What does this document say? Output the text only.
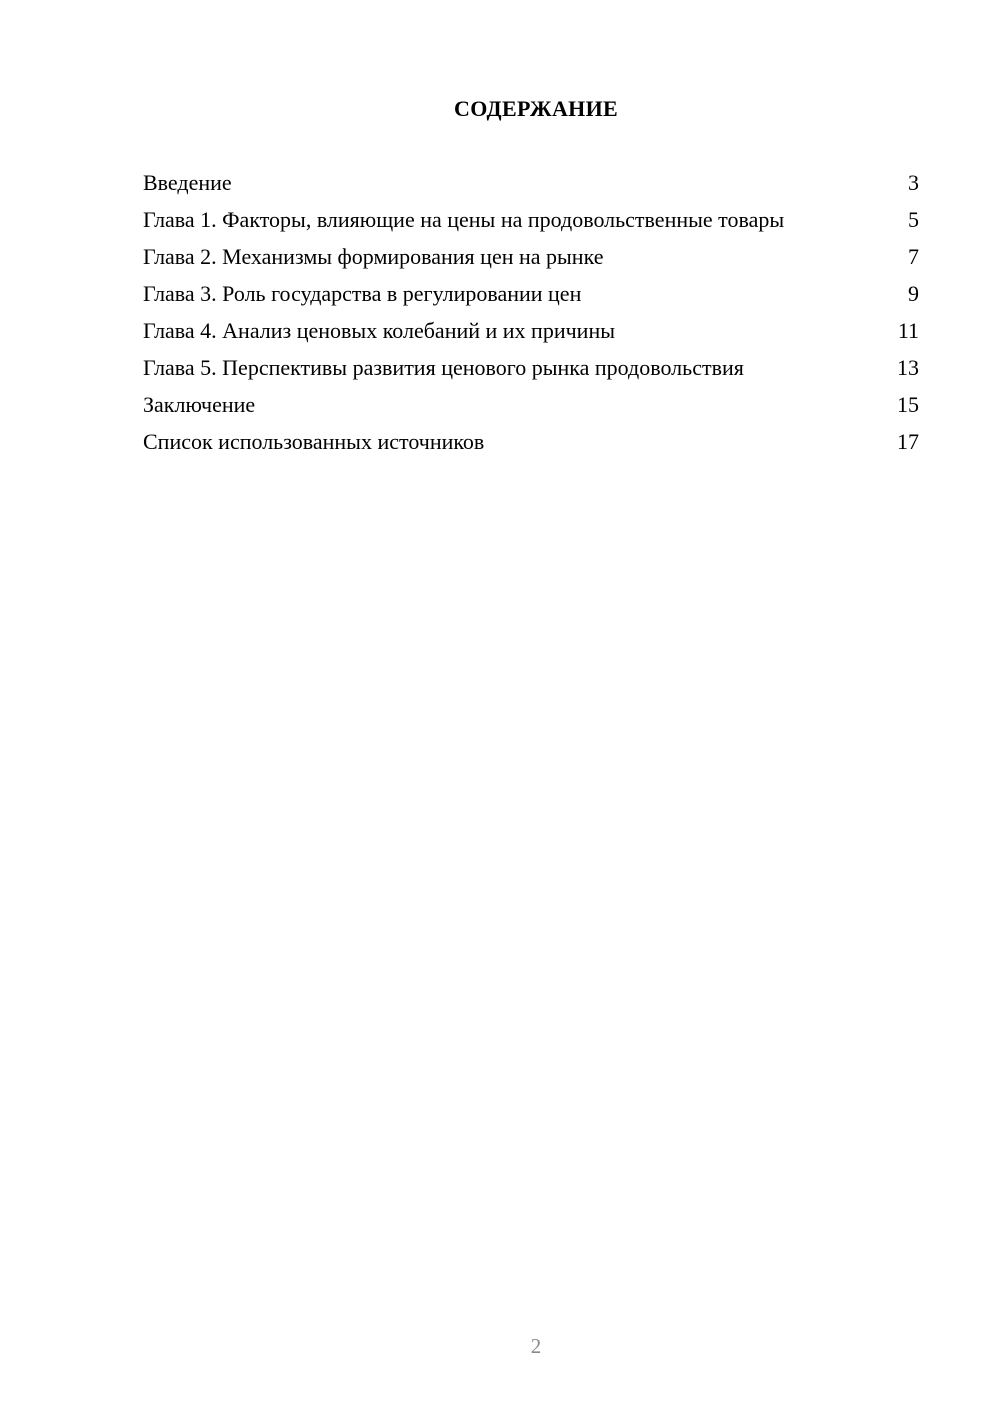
СОДЕРЖАНИЕ
Введение	3
Глава 1. Факторы, влияющие на цены на продовольственные товары	5
Глава 2. Механизмы формирования цен на рынке	7
Глава 3. Роль государства в регулировании цен	9
Глава 4. Анализ ценовых колебаний и их причины	11
Глава 5. Перспективы развития ценового рынка продовольствия	13
Заключение	15
Список использованных источников	17
2
